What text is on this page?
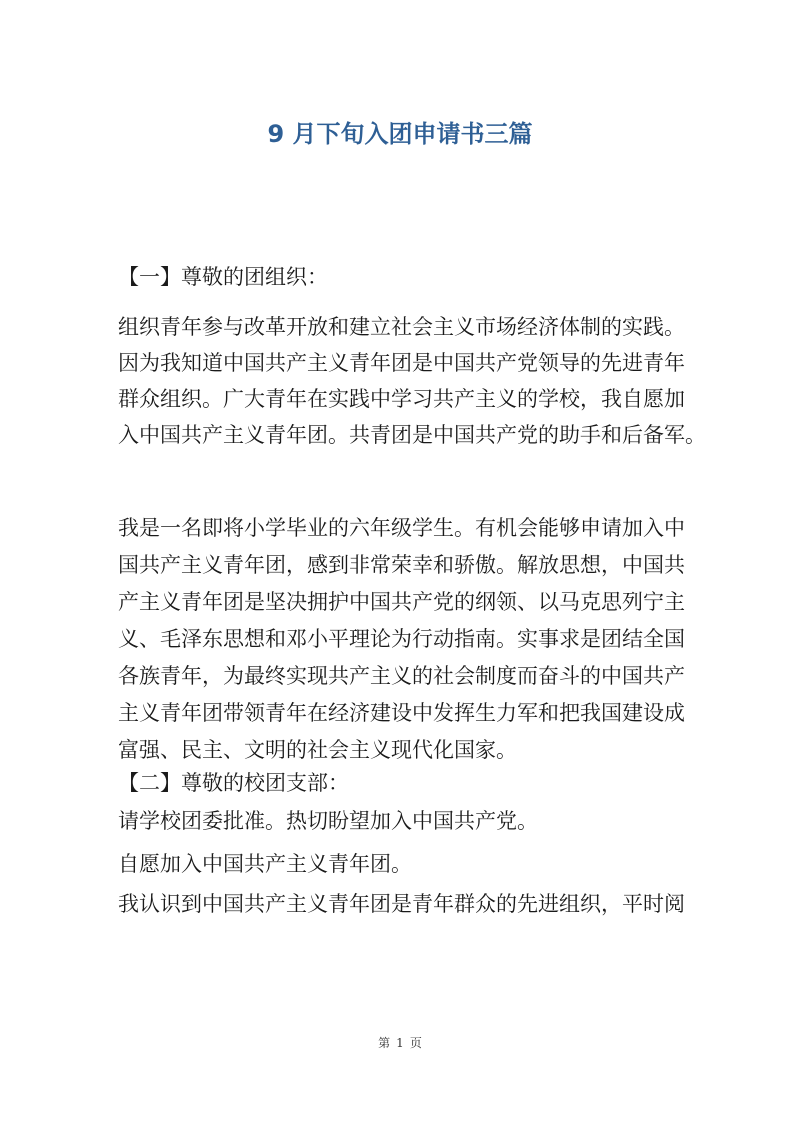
9 月下旬入团申请书三篇

【一】尊敬的团组织：

组织青年参与改革开放和建立社会主义市场经济体制的实践。

因为我知道中国共产主义青年团是中国共产党领导的先进青年

群众组织。广大青年在实践中学习共产主义的学校，我自愿加

入中国共产主义青年团。共青团是中国共产党的助手和后备军。

我是一名即将小学毕业的六年级学生。有机会能够申请加入中

国共产主义青年团，感到非常荣幸和骄傲。解放思想，中国共

产主义青年团是坚决拥护中国共产党的纲领、以马克思列宁主

义、毛泽东思想和邓小平理论为行动指南。实事求是团结全国

各族青年，为最终实现共产主义的社会制度而奋斗的中国共产

主义青年团带领青年在经济建设中发挥生力军和把我国建设成

富强、民主、文明的社会主义现代化国家。

【二】尊敬的校团支部：

请学校团委批准。热切盼望加入中国共产党。

自愿加入中国共产主义青年团。

我认识到中国共产主义青年团是青年群众的先进组织，平时阅

第 1 页
